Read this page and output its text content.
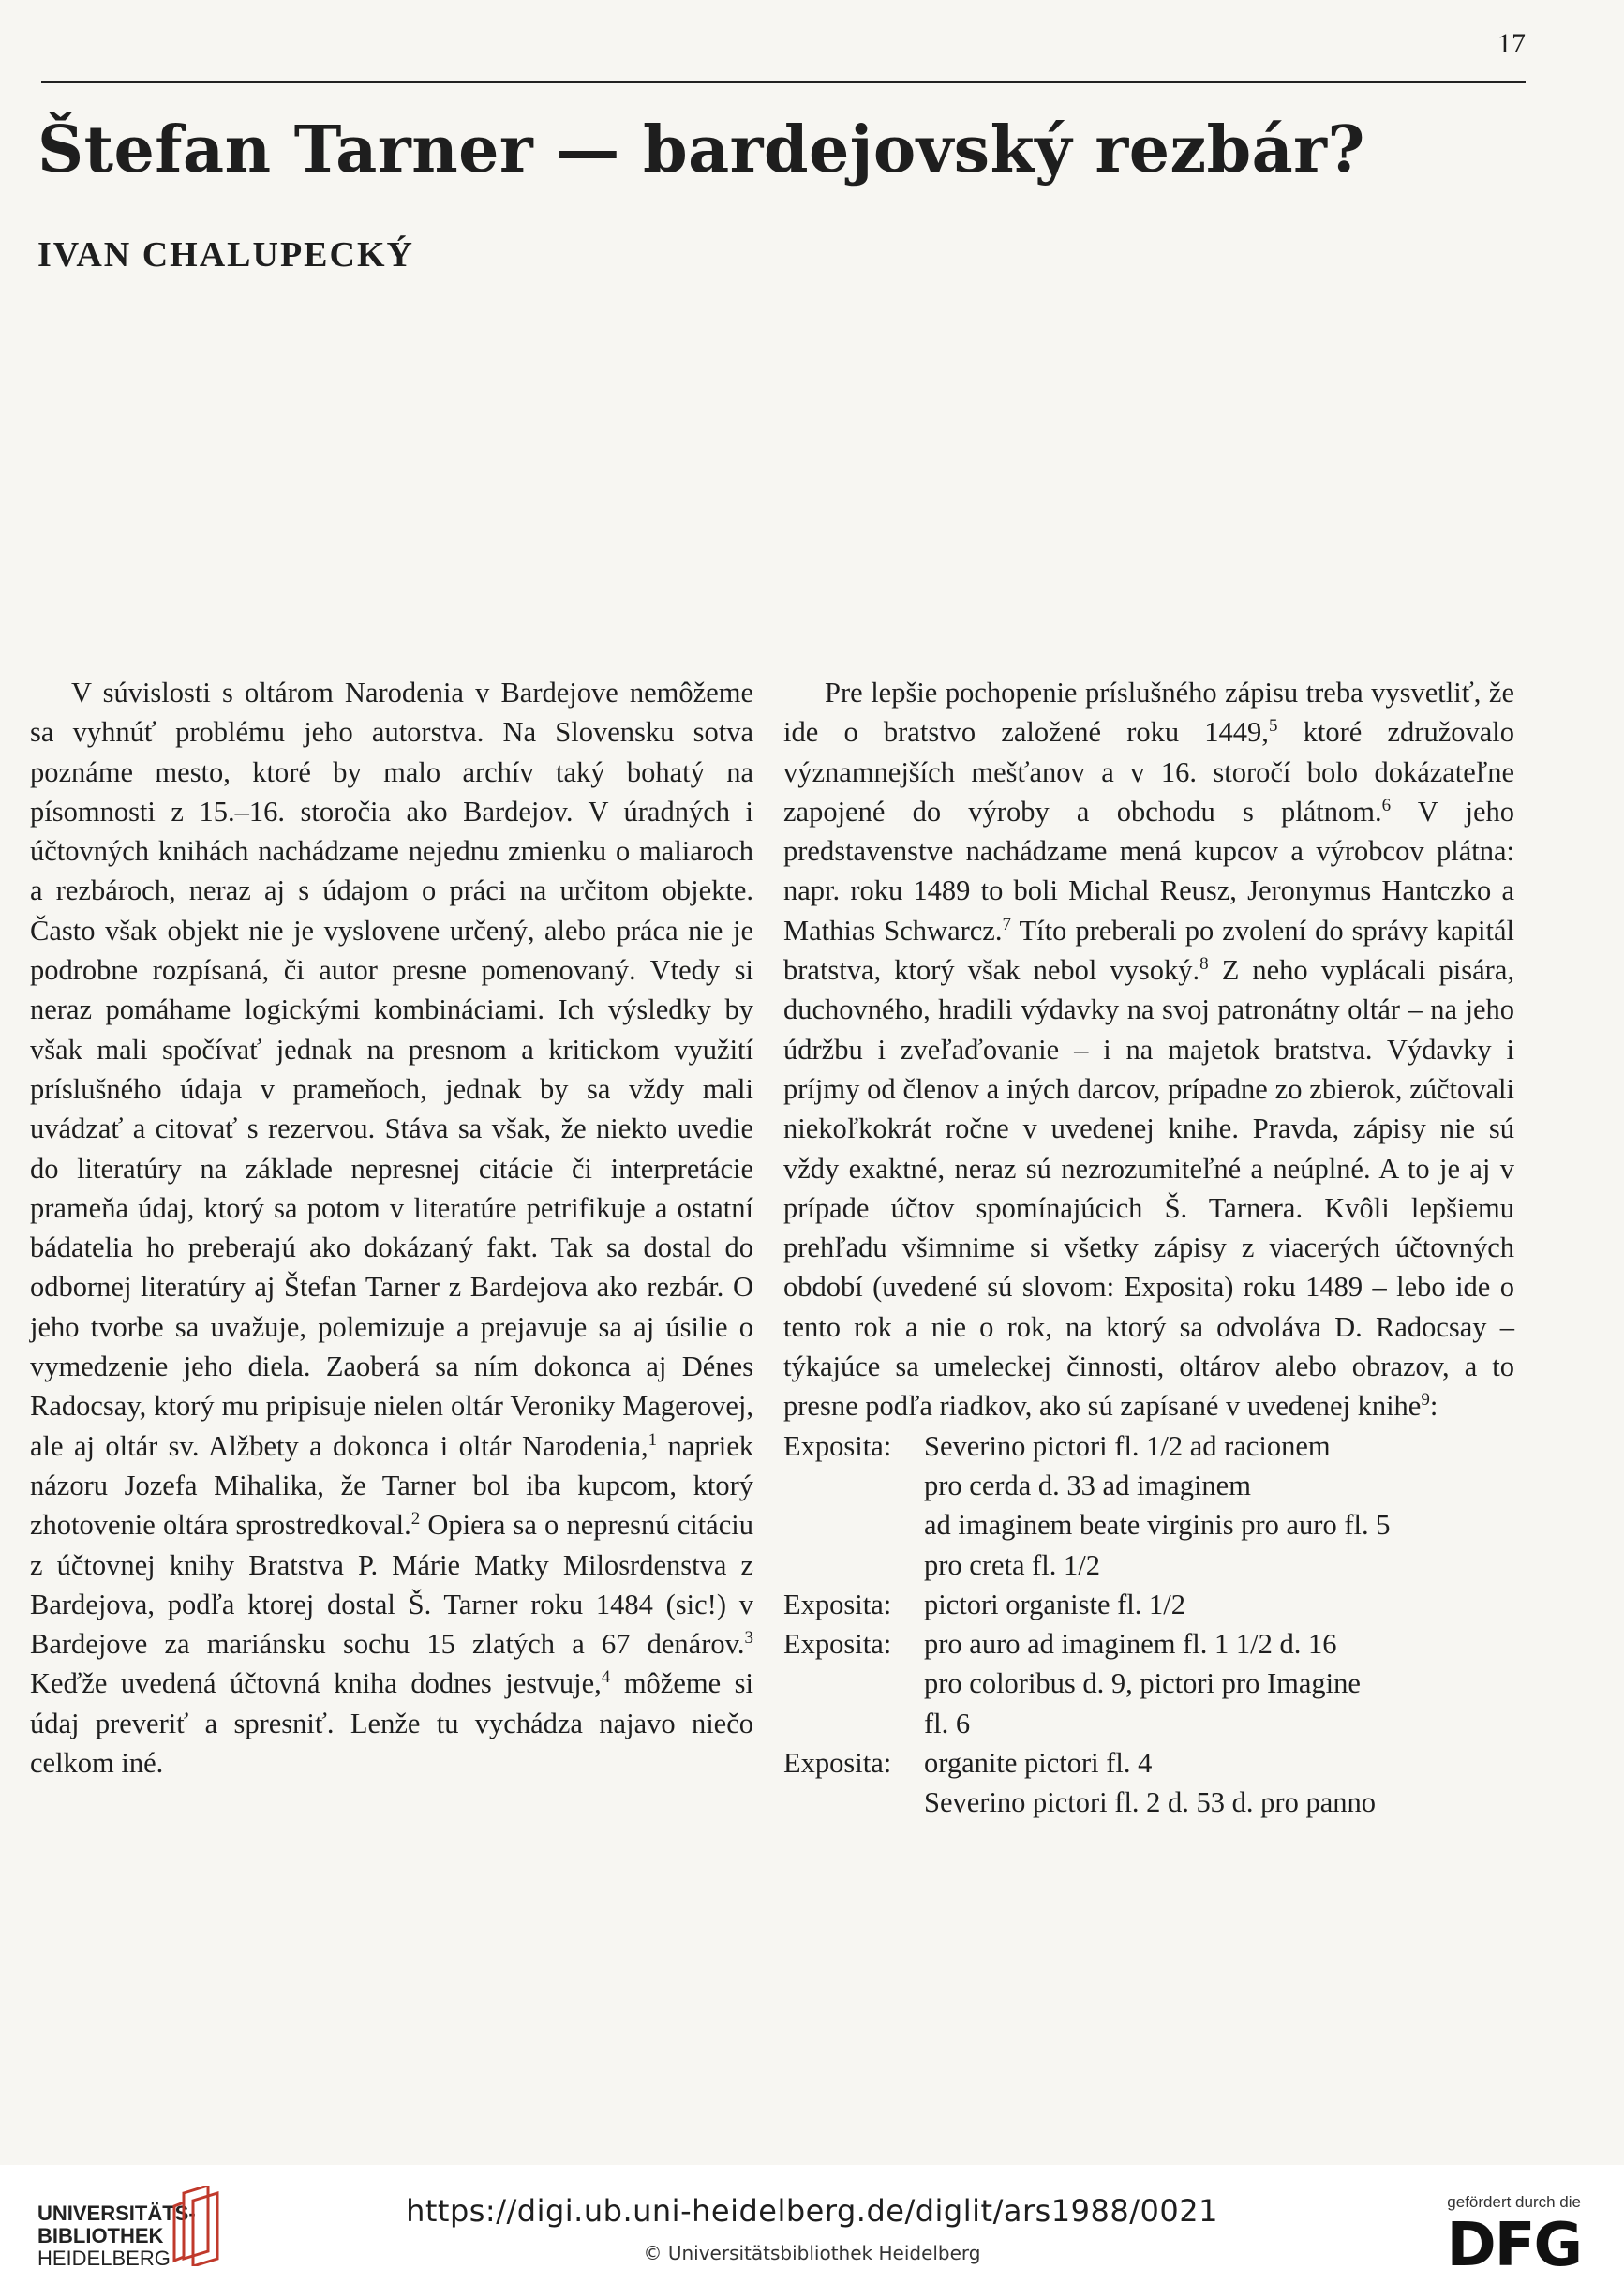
17
Štefan Tarner — bardejovský rezbár?
IVAN CHALUPECKÝ

V súvislosti s oltárom Narodenia v Bardejove nemôžeme sa vyhnúť problému jeho autorstva. Na Slovensku sotva poznáme mesto, ktoré by malo archív taký bohatý na písomnosti z 15.–16. storočia ako Bardejov. V úradných i účtovných knihách nachádzame nejednu zmienku o maliaroch a rezbároch, neraz aj s údajom o práci na určitom objekte. Často však objekt nie je vyslovene určený, alebo práca nie je podrobne rozpísaná, či autor presne pomenovaný. Vtedy si neraz pomáhame logickými kombináciami. Ich výsledky by však mali spočívať jednak na presnom a kritickom využití príslušného údaja v prameňoch, jednak by sa vždy mali uvádzať a citovať s rezervou. Stáva sa však, že niekto uvedie do literatúry na základe nepresnej citácie či interpretácie prameňa údaj, ktorý sa potom v literatúre petrifikuje a ostatní bádatelia ho preberajú ako dokázaný fakt. Tak sa dostal do odbornej literatúry aj Štefan Tarner z Bardejova ako rezbár. O jeho tvorbe sa uvažuje, polemizuje a prejavuje sa aj úsilie o vymedzenie jeho diela. Zaoberá sa ním dokonca aj Dénes Radocsay, ktorý mu pripisuje nielen oltár Veroniky Magerovej, ale aj oltár sv. Alžbety a dokonca i oltár Narodenia,$^1$ napriek názoru Jozefa Mihalika, že Tarner bol iba kupcom, ktorý zhotovenie oltára sprostredkoval.$^2$ Opiera sa o nepresnú citáciu z účtovnej knihy Bratstva P. Márie Matky Milosrdenstva z Bardejova, podľa ktorej dostal Š. Tarner roku 1484 (sic!) v Bardejove za mariánsku sochu 15 zlatých a 67 denárov.$^3$ Keďže uvedená účtovná kniha dodnes jestvuje,$^4$ môžeme si údaj preveriť a spresniť. Lenže tu vychádza najavo niečo celkom iné.

Pre lepšie pochopenie príslušného zápisu treba vysvetliť, že ide o bratstvo založené roku 1449,$^5$ ktoré združovalo významnejších mešťanov a v 16. storočí bolo dokázateľne zapojené do výroby a obchodu s plátnom.$^6$ V jeho predstavenstve nachádzame mená kupcov a výrobcov plátna: napr. roku 1489 to boli Michal Reusz, Jeronymus Hantczko a Mathias Schwarcz.$^7$ Títo preberali po zvolení do správy kapitál bratstva, ktorý však nebol vysoký.$^8$ Z neho vyplácali pisára, duchovného, hradili výdavky na svoj patronátny oltár – na jeho údržbu i zveľaďovanie – i na majetok bratstva. Výdavky i príjmy od členov a iných darcov, prípadne zo zbierok, zúčtovali niekoľkokrát ročne v uvedenej knihe. Pravda, zápisy nie sú vždy exaktné, neraz sú nezrozumiteľné a neúplné. A to je aj v prípade účtov spomínajúcich Š. Tarnera. Kvôli lepšiemu prehľadu všimnime si všetky zápisy z viacerých účtovných období (uvedené sú slovom: Exposita) roku 1489 – lebo ide o tento rok a nie o rok, na ktorý sa odvoláva D. Radocsay – týkajúce sa umeleckej činnosti, oltárov alebo obrazov, a to presne podľa riadkov, ako sú zapísané v uvedenej knihe$^9$:

Exposita:	Severino pictori fl. 1/2 ad racionem
pro cerda d. 33 ad imaginem
ad imaginem beate virginis pro auro fl. 5
pro creta fl. 1/2
Exposita:	pictori organiste fl. 1/2
Exposita:	pro auro ad imaginem fl. 1 1/2 d. 16
pro coloribus d. 9, pictori pro Imagine
fl. 6
Exposita:	organite pictori fl. 4
Severino pictori fl. 2 d. 53 d. pro panno
UNIVERSITÄTS-
BIBLIOTHEK
HEIDELBERG
https://digi.ub.uni-heidelberg.de/diglit/ars1988/0021
© Universitätsbibliothek Heidelberg
gefördert durch die
DFG
